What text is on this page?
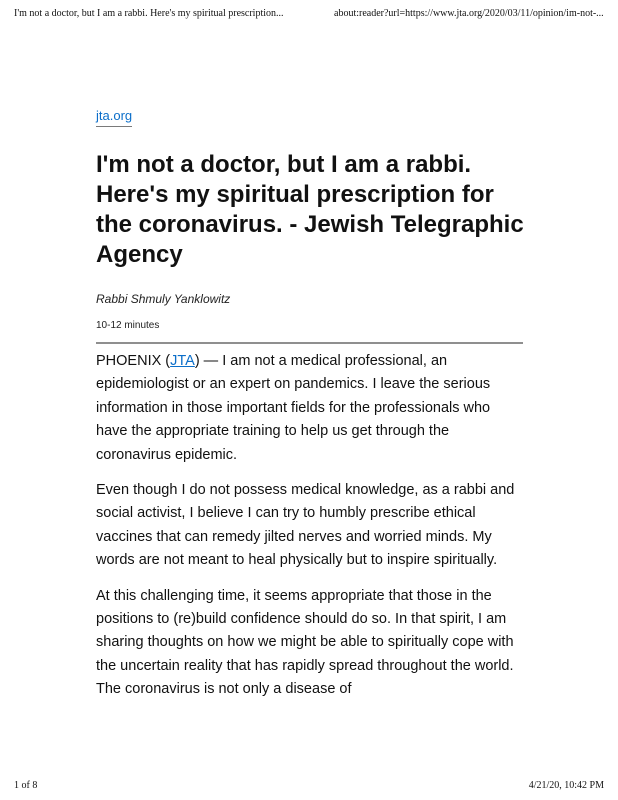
I'm not a doctor, but I am a rabbi. Here's my spiritual prescription...	about:reader?url=https://www.jta.org/2020/03/11/opinion/im-not-...
jta.org
I'm not a doctor, but I am a rabbi. Here's my spiritual prescription for the coronavirus. - Jewish Telegraphic Agency
Rabbi Shmuly Yanklowitz
10-12 minutes

PHOENIX (JTA) — I am not a medical professional, an epidemiologist or an expert on pandemics. I leave the serious information in those important fields for the professionals who have the appropriate training to help us get through the coronavirus epidemic.

Even though I do not possess medical knowledge, as a rabbi and social activist, I believe I can try to humbly prescribe ethical vaccines that can remedy jilted nerves and worried minds. My words are not meant to heal physically but to inspire spiritually.

At this challenging time, it seems appropriate that those in the positions to (re)build confidence should do so. In that spirit, I am sharing thoughts on how we might be able to spiritually cope with the uncertain reality that has rapidly spread throughout the world. The coronavirus is not only a disease of

1 of 8	4/21/20, 10:42 PM
